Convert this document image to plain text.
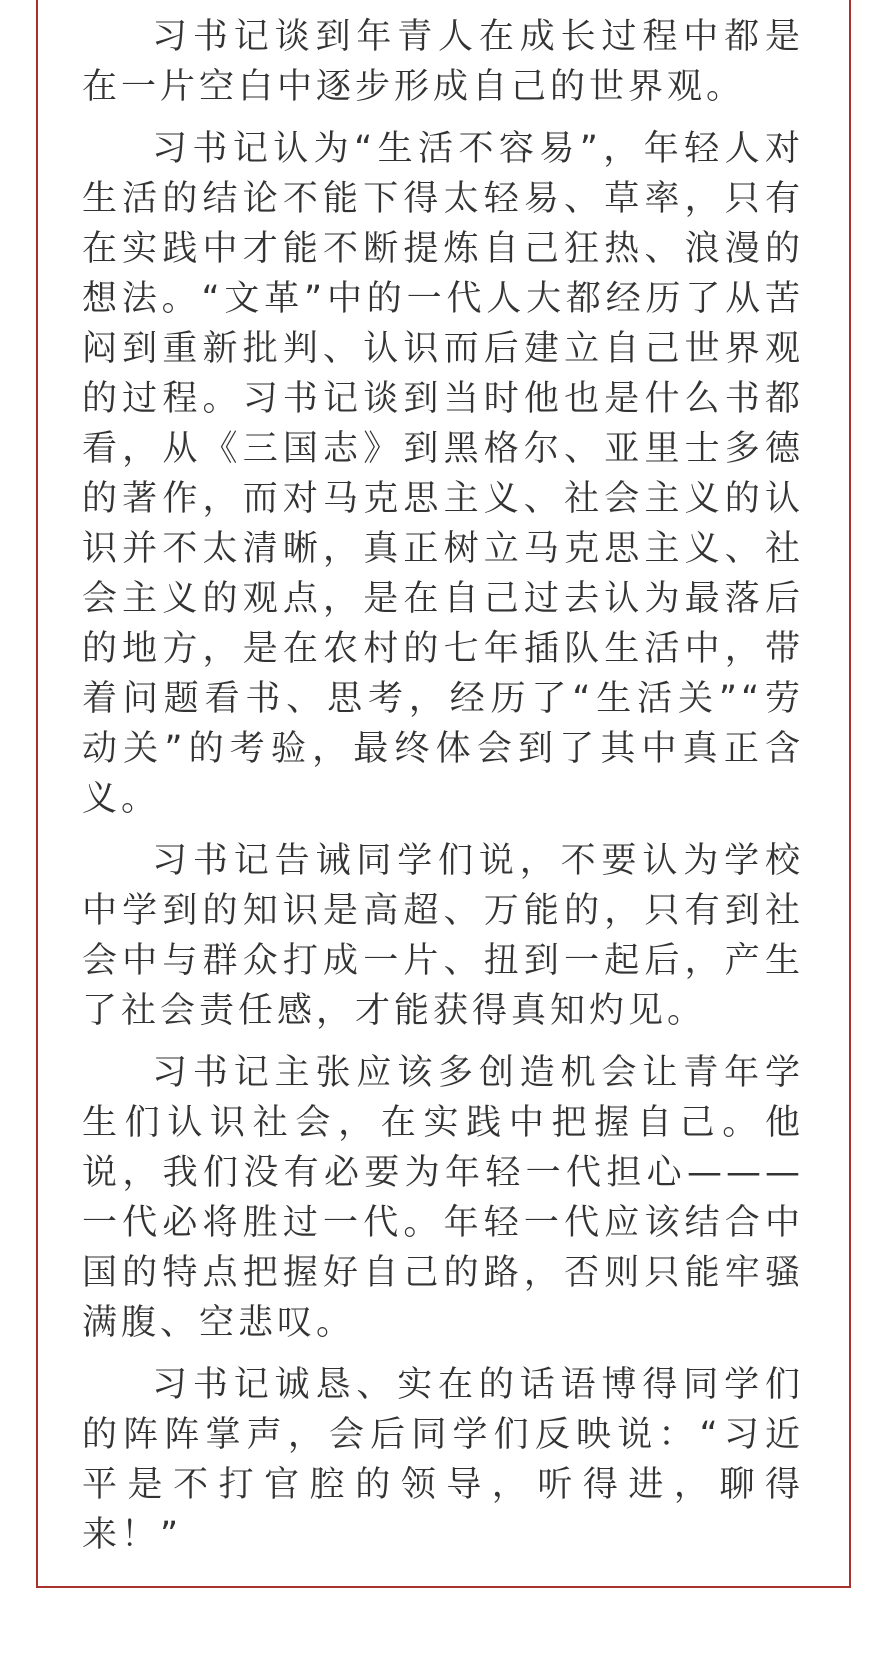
习书记谈到年青人在成长过程中都是在一片空白中逐步形成自己的世界观。

习书记认为“生活不容易”，年轻人对生活的结论不能下得太轻易、草率，只有在实践中才能不断提炼自己狂热、浪漫的想法。“文革”中的一代人大都经历了从苦闷到重新批判、认识而后建立自己世界观的过程。习书记谈到当时他也是什么书都看，从《三国志》到黑格尔、亚里士多德的著作，而对马克思主义、社会主义的认识并不太清晰，真正树立马克思主义、社会主义的观点，是在自己过去认为最落后的地方，是在农村的七年插队生活中，带着问题看书、思考，经历了“生活关”“劳动关”的考验，最终体会到了其中真正含义。

习书记告诫同学们说，不要认为学校中学到的知识是高超、万能的，只有到社会中与群众打成一片、扭到一起后，产生了社会责任感，才能获得真知灼见。

习书记主张应该多创造机会让青年学生们认识社会，在实践中把握自己。他说，我们没有必要为年轻一代担心———一代必将胜过一代。年轻一代应该结合中国的特点把握好自己的路，否则只能牢骚满腹、空悲叹。

习书记诚恳、实在的话语博得同学们的阵阵掌声，会后同学们反映说：“习近平是不打官腔的领导，听得进，聊得来！”
